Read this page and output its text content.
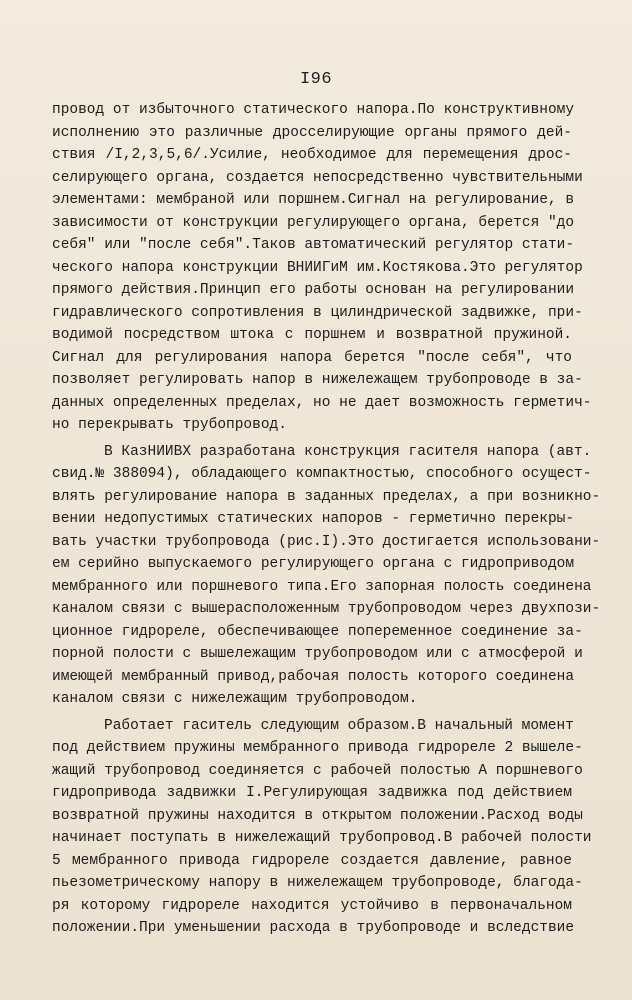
I96
провод от избыточного статического напора.По конструктивному
исполнению это различные дросселирующие органы прямого дей-
ствия /I,2,3,5,6/.Усилие, необходимое для перемещения дрос-
селирующего органа, создается непосредственно чувствительными
элементами: мембраной или поршнем.Сигнал на регулирование, в
зависимости от конструкции регулирующего органа, берется "до
себя" или "после себя".Таков автоматический регулятор стати-
ческого напора конструкции ВНИИГиМ им.Костякова.Это регулятор
прямого действия.Принцип его работы основан на регулировании
гидравлического сопротивления в цилиндрической задвижке, при-
водимой посредством штока с поршнем и возвратной пружиной.
Сигнал для регулирования напора берется "после себя", что
позволяет регулировать напор в нижележащем трубопроводе в за-
данных определенных пределах, но не дает возможность герметич-
но перекрывать трубопровод.
В КазНИИВХ разработана конструкция гасителя напора (авт.
свид.№ 388094), обладающего компактностью, способного осущест-
влять регулирование напора в заданных пределах, а при возникно-
вении недопустимых статических напоров - герметично перекры-
вать участки трубопровода (рис.I).Это достигается использовани-
ем серийно выпускаемого регулирующего органа с гидроприводом
мембранного или поршневого типа.Его запорная полость соединена
каналом связи с вышерасположенным трубопроводом через двухпози-
ционное гидрореле, обеспечивающее попеременное соединение за-
порной полости с вышележащим трубопроводом или с атмосферой и
имеющей мембранный привод,рабочая полость которого соединена
каналом связи с нижележащим трубопроводом.
Работает гаситель следующим образом.В начальный момент
под действием пружины мембранного привода гидрореле 2 вышеле-
жащий трубопровод соединяется с рабочей полостью А поршневого
гидропривода задвижки I.Регулирующая задвижка под действием
возвратной пружины находится в открытом положении.Расход воды
начинает поступать в нижележащий трубопровод.В рабочей полости
5 мембранного привода гидрореле создается давление, равное
пьезометрическому напору в нижележащем трубопроводе, благода-
ря которому гидрореле находится устойчиво в первоначальном
положении.При уменьшении расхода в трубопроводе и вследствие
